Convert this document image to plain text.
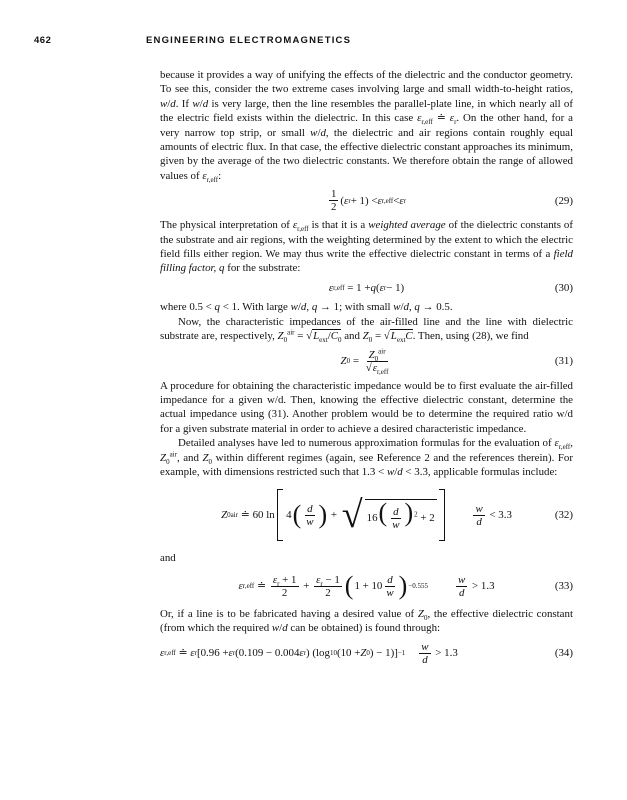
462	ENGINEERING ELECTROMAGNETICS

because it provides a way of unifying the effects of the dielectric and the conductor geometry. To see this, consider the two extreme cases involving large and small width-to-height ratios, w/d. If w/d is very large, then the line resembles the parallel-plate line, in which nearly all of the electric field exists within the dielectric. In this case $\varepsilon_{r,eff}$ ≐ $\varepsilon_r$. On the other hand, for a very narrow top strip, or small w/d, the dielectric and air regions contain roughly equal amounts of electric flux. In that case, the effective dielectric constant approaches its minimum, given by the average of the two dielectric constants. We therefore obtain the range of allowed values of $\varepsilon_{r,eff}$:

$\frac{1}{2}$ ( ε r + 1) < ε r,eff < ε r	(29)

The physical interpretation of $\varepsilon_{r,eff}$ is that it is a weighted average of the dielectric constants of the substrate and air regions, with the weighting determined by the extent to which the electric field fills either region. We may thus write the effective dielectric constant in terms of a field filling factor, q for the substrate:

ε r,eff = 1 + q ( ε r − 1)	(30)

where 0.5 < q < 1. With large w/d, q → 1; with small w/d, q → 0.5.

Now, the characteristic impedances of the air-filled line and the line with dielectric substrate are, respectively, $Z_0^{air} = √L_{ext}/C_0$ and $Z_0 = √L_{ext}C$. Then, using (28), we find

Z $0 = \frac{Z_0^{air}}{√\varepsilon_{r,eff}}$	(31)

A procedure for obtaining the characteristic impedance would be to first evaluate the air-filled impedance for a given w/d. Then, knowing the effective dielectric constant, determine the actual impedance using (31). Another problem would be to determine the required ratio w/d for a given substrate material in order to achieve a desired characteristic impedance.

Detailed analyses have led to numerous approximation formulas for the evaluation of $\varepsilon_{r,eff}$, $Z_0^{air}$, and $Z_0$ within different regimes (again, see Reference 2 and the references therein). For example, with dimensions restricted such that 1.3 < w/d < 3.3, applicable formulas include:

Z 0 air ≐ 60 ln
4 ( $\frac{d}{w}$ ) + √ $16( \frac{d}{w} )^2 + 2$
	$\frac{w}{d}$
< 3.3	(32)

and

ε r,eff ≐ $\frac{\varepsilon_r + 1}{2} + \frac{\varepsilon_r - 1}{2}$ ( $1 + 10 \frac{d}{w}$ ) −0.555	$\frac{w}{d}$
> 1.3	(33)

Or, if a line is to be fabricated having a desired value of $Z_0$, the effective dielectric constant (from which the required w/d can be obtained) is found through:

ε r,eff ≐ ε r [0.96 + ε r (0.109 − 0.004 ε r ) (log 10 (10 + Z 0 ) − $1)] -1 \frac{w}{d}$
> 1.3	(34)
